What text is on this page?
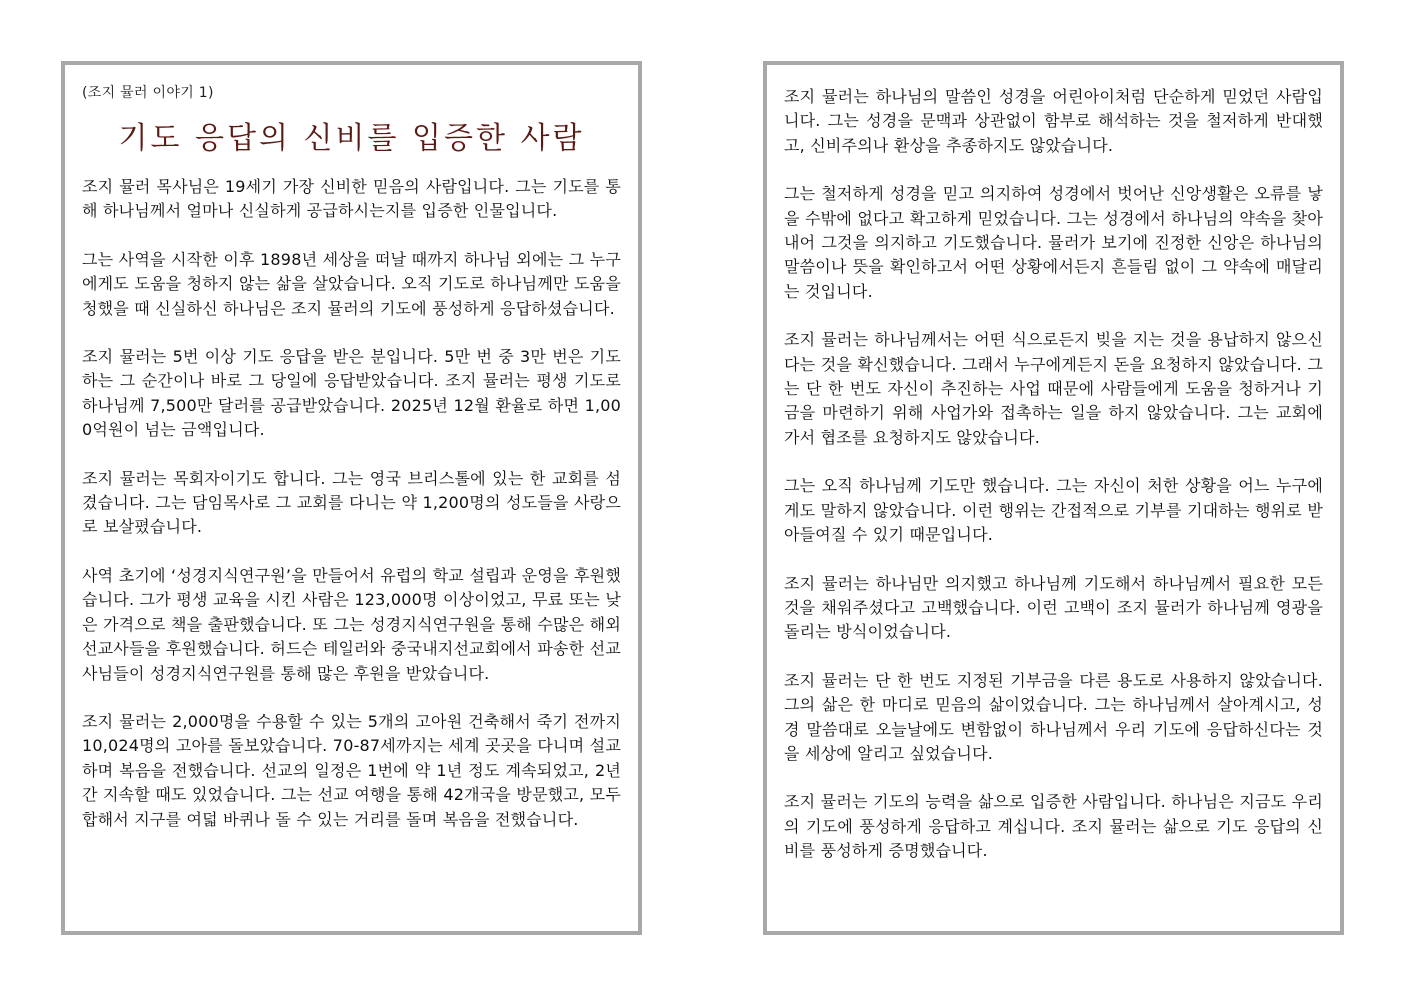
(조지 뮬러 이야기 1)
기도 응답의 신비를 입증한 사람

조지 뮬러 목사님은 19세기 가장 신비한 믿음의 사람입니다. 그는 기도를 통해 하나님께서 얼마나 신실하게 공급하시는지를 입증한 인물입니다.

그는 사역을 시작한 이후 1898년 세상을 떠날 때까지 하나님 외에는 그 누구에게도 도움을 청하지 않는 삶을 살았습니다. 오직 기도로 하나님께만 도움을 청했을 때 신실하신 하나님은 조지 뮬러의 기도에 풍성하게 응답하셨습니다.

조지 뮬러는 5번 이상 기도 응답을 받은 분입니다. 5만 번 중 3만 번은 기도하는 그 순간이나 바로 그 당일에 응답받았습니다. 조지 뮬러는 평생 기도로 하나님께 7,500만 달러를 공급받았습니다. 2025년 12월 환율로 하면 1,000억원이 넘는 금액입니다.

조지 뮬러는 목회자이기도 합니다. 그는 영국 브리스톨에 있는 한 교회를 섬겼습니다. 그는 담임목사로 그 교회를 다니는 약 1,200명의 성도들을 사랑으로 보살폈습니다.

사역 초기에 ‘성경지식연구원’을 만들어서 유럽의 학교 설립과 운영을 후원했습니다. 그가 평생 교육을 시킨 사람은 123,000명 이상이었고, 무료 또는 낮은 가격으로 책을 출판했습니다. 또 그는 성경지식연구원을 통해 수많은 해외 선교사들을 후원했습니다. 허드슨 테일러와 중국내지선교회에서 파송한 선교사님들이 성경지식연구원를 통해 많은 후원을 받았습니다.

조지 뮬러는 2,000명을 수용할 수 있는 5개의 고아원 건축해서 죽기 전까지 10,024명의 고아를 돌보았습니다. 70-87세까지는 세계 곳곳을 다니며 설교하며 복음을 전했습니다. 선교의 일정은 1번에 약 1년 정도 계속되었고, 2년간 지속할 때도 있었습니다. 그는 선교 여행을 통해 42개국을 방문했고, 모두 합해서 지구를 여덟 바퀴나 돌 수 있는 거리를 돌며 복음을 전했습니다.

조지 뮬러는 하나님의 말씀인 성경을 어린아이처럼 단순하게 믿었던 사람입니다. 그는 성경을 문맥과 상관없이 함부로 해석하는 것을 철저하게 반대했고, 신비주의나 환상을 추종하지도 않았습니다.

그는 철저하게 성경을 믿고 의지하여 성경에서 벗어난 신앙생활은 오류를 낳을 수밖에 없다고 확고하게 믿었습니다. 그는 성경에서 하나님의 약속을 찾아내어 그것을 의지하고 기도했습니다. 뮬러가 보기에 진정한 신앙은 하나님의 말씀이나 뜻을 확인하고서 어떤 상황에서든지 흔들림 없이 그 약속에 매달리는 것입니다.

조지 뮬러는 하나님께서는 어떤 식으로든지 빚을 지는 것을 용납하지 않으신다는 것을 확신했습니다. 그래서 누구에게든지 돈을 요청하지 않았습니다. 그는 단 한 번도 자신이 추진하는 사업 때문에 사람들에게 도움을 청하거나 기금을 마련하기 위해 사업가와 접촉하는 일을 하지 않았습니다. 그는 교회에 가서 협조를 요청하지도 않았습니다.

그는 오직 하나님께 기도만 했습니다. 그는 자신이 처한 상황을 어느 누구에게도 말하지 않았습니다. 이런 행위는 간접적으로 기부를 기대하는 행위로 받아들여질 수 있기 때문입니다.

조지 뮬러는 하나님만 의지했고 하나님께 기도해서 하나님께서 필요한 모든 것을 채워주셨다고 고백했습니다. 이런 고백이 조지 뮬러가 하나님께 영광을 돌리는 방식이었습니다.

조지 뮬러는 단 한 번도 지정된 기부금을 다른 용도로 사용하지 않았습니다. 그의 삶은 한 마디로 믿음의 삶이었습니다. 그는 하나님께서 살아계시고, 성경 말씀대로 오늘날에도 변함없이 하나님께서 우리 기도에 응답하신다는 것을 세상에 알리고 싶었습니다.

조지 뮬러는 기도의 능력을 삶으로 입증한 사람입니다. 하나님은 지금도 우리의 기도에 풍성하게 응답하고 계십니다. 조지 뮬러는 삶으로 기도 응답의 신비를 풍성하게 증명했습니다.
